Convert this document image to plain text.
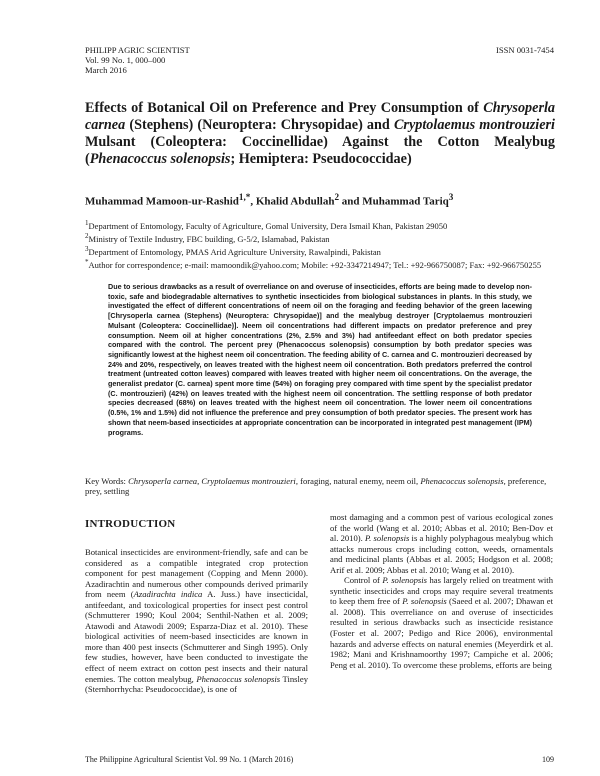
PHILIPP AGRIC SCIENTIST
Vol. 99 No. 1, 000–000
March 2016
ISSN 0031-7454
Effects of Botanical Oil on Preference and Prey Consumption of Chrysoperla carnea (Stephens) (Neuroptera: Chrysopidae) and Cryptolaemus montrouzieri Mulsant (Coleoptera: Coccinellidae) Against the Cotton Mealybug (Phenacoccus solenopsis; Hemiptera: Pseudococcidae)
Muhammad Mamoon-ur-Rashid$^{1,*}$, Khalid Abdullah$^2$ and Muhammad Tariq$^3$
$^1$Department of Entomology, Faculty of Agriculture, Gomal University, Dera Ismail Khan, Pakistan 29050
$^2$Ministry of Textile Industry, FBC building, G-5/2, Islamabad, Pakistan
$^3$Department of Entomology, PMAS Arid Agriculture University, Rawalpindi, Pakistan
*Author for correspondence; e-mail: mamoondik@yahoo.com; Mobile: +92-3347214947; Tel.: +92-966750087; Fax: +92-966750255
Due to serious drawbacks as a result of overreliance on and overuse of insecticides, efforts are being made to develop non-toxic, safe and biodegradable alternatives to synthetic insecticides from biological substances in plants. In this study, we investigated the effect of different concentrations of neem oil on the foraging and feeding behavior of the green lacewing [Chrysoperla carnea (Stephens) (Neuroptera: Chrysopidae)] and the mealybug destroyer [Cryptolaemus montrouzieri Mulsant (Coleoptera: Coccinellidae)]. Neem oil concentrations had different impacts on predator preference and prey consumption. Neem oil at higher concentrations (2%, 2.5% and 3%) had antifeedant effect on both predator species compared with the control. The percent prey (Phenacoccus solenopsis) consumption by both predator species was significantly lowest at the highest neem oil concentration. The feeding ability of C. carnea and C. montrouzieri decreased by 24% and 20%, respectively, on leaves treated with the highest neem oil concentration. Both predators preferred the control treatment (untreated cotton leaves) compared with leaves treated with higher neem oil concentrations. On the average, the generalist predator (C. carnea) spent more time (54%) on foraging prey compared with time spent by the specialist predator (C. montrouzieri) (42%) on leaves treated with the highest neem oil concentration. The settling response of both predator species decreased (68%) on leaves treated with the highest neem oil concentration. The lower neem oil concentrations (0.5%, 1% and 1.5%) did not influence the preference and prey consumption of both predator species. The present work has shown that neem-based insecticides at appropriate concentration can be incorporated in integrated pest management (IPM) programs.
Key Words: Chrysoperla carnea, Cryptolaemus montrouzieri, foraging, natural enemy, neem oil, Phenacoccus solenopsis, preference, prey, settling
INTRODUCTION

Botanical insecticides are environment-friendly, safe and can be considered as a compatible integrated crop protection component for pest management (Copping and Menn 2000). Azadirachtin and numerous other compounds derived primarily from neem (Azadirachta indica A. Juss.) have insecticidal, antifeedant, and toxicological properties for insect pest control (Schmutterer 1990; Koul 2004; Senthil-Nathen et al. 2009; Atawodi and Atawodi 2009; Esparza-Diaz et al. 2010). These biological activities of neem-based insecticides are known in more than 400 pest insects (Schmutterer and Singh 1995). Only few studies, however, have been conducted to investigate the effect of neem extract on cotton pest insects and their natural enemies. The cotton mealybug, Phenacoccus solenopsis Tinsley (Sternhorrhycha: Pseudococcidae), is one of

most damaging and a common pest of various ecological zones of the world (Wang et al. 2010; Abbas et al. 2010; Ben-Dov et al. 2010). P. solenopsis is a highly polyphagous mealybug which attacks numerous crops including cotton, weeds, ornamentals and medicinal plants (Abbas et al. 2005; Hodgson et al. 2008; Arif et al. 2009; Abbas et al. 2010; Wang et al. 2010).

Control of P. solenopsis has largely relied on treatment with synthetic insecticides and crops may require several treatments to keep them free of P. solenopsis (Saeed et al. 2007; Dhawan et al. 2008). This overreliance on and overuse of insecticides resulted in serious drawbacks such as insecticide resistance (Foster et al. 2007; Pedigo and Rice 2006), environmental hazards and adverse effects on natural enemies (Meyerdirk et al. 1982; Mani and Krishnamoorthy 1997; Campiche et al. 2006; Peng et al. 2010). To overcome these problems, efforts are being

The Philippine Agricultural Scientist Vol. 99 No. 1 (March 2016)	109
